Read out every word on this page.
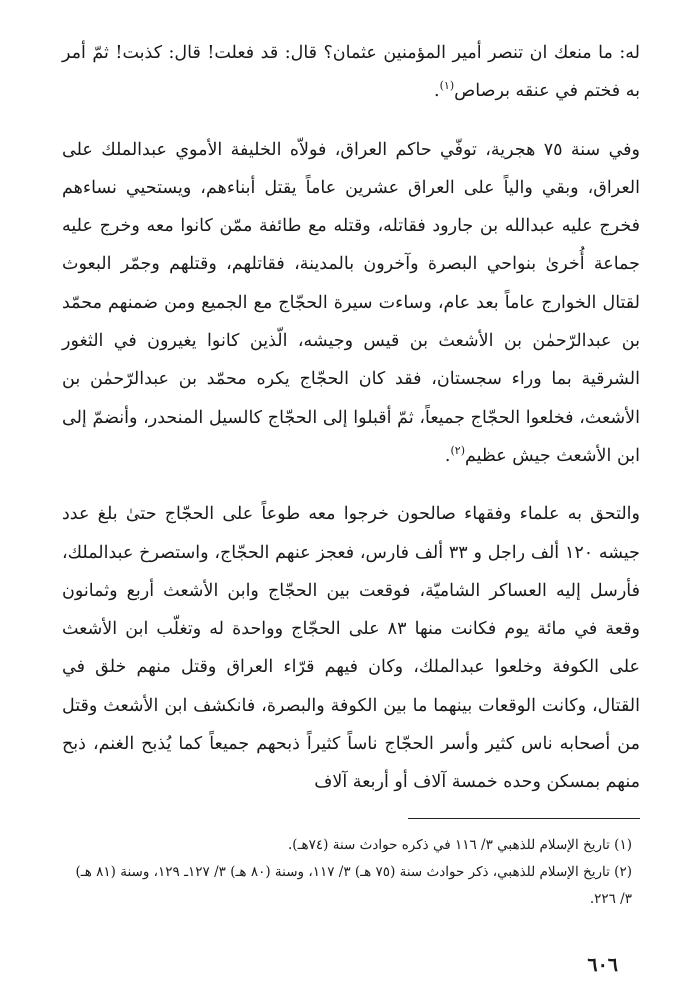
له: ما منعك ان تنصر أمير المؤمنين عثمان؟ قال: قد فعلت! قال: كذبت! ثمّ أمر به فختم في عنقه برصاص$^{(١)}$.

وفي سنة ٧٥ هجرية، توفّي حاكم العراق، فولاّه الخليفة الأموي عبدالملك على العراق، وبقي والياً على العراق عشرين عاماً يقتل أبناءهم، ويستحيي نساءهم فخرج عليه عبدالله بن جارود فقاتله، وقتله مع طائفة ممّن كانوا معه وخرج عليه جماعة أُخرىٰ بنواحي البصرة وآخرون بالمدينة، فقاتلهم، وقتلهم وجمّر البعوث لقتال الخوارج عاماً بعد عام، وساءت سيرة الحجّاج مع الجميع ومن ضمنهم محمّد بن عبدالرّحمٰن بن الأشعث بن قيس وجيشه، الّذين كانوا يغيرون في الثغور الشرقية بما وراء سجستان، فقد كان الحجّاج يكره محمّد بن عبدالرّحمٰن بن الأشعث، فخلعوا الحجّاج جميعاً، ثمّ أقبلوا إلى الحجّاج كالسيل المنحدر، وأنضمّ إلى ابن الأشعث جيش عظيم$^{(٢)}$.

والتحق به علماء وفقهاء صالحون خرجوا معه طوعاً على الحجّاج حتىٰ بلغ عدد جيشه ١٢٠ ألف راجل و ٣٣ ألف فارس، فعجز عنهم الحجّاج، واستصرخ عبدالملك، فأرسل إليه العساكر الشاميّة، فوقعت بين الحجّاج وابن الأشعث أربع وثمانون وقعة في مائة يوم فكانت منها ٨٣ على الحجّاج وواحدة له وتغلّب ابن الأشعث على الكوفة وخلعوا عبدالملك، وكان فيهم قرّاء العراق وقتل منهم خلق في القتال، وكانت الوقعات بينهما ما بين الكوفة والبصرة، فانكشف ابن الأشعث وقتل من أصحابه ناس كثير وأسر الحجّاج ناساً كثيراً ذبحهم جميعاً كما يُذبح الغنم، ذبح منهم بمسكن وحده خمسة آلاف أو أربعة آلاف

(١) تاريخ الإسلام للذهبي ٣/ ١١٦ في ذكره حوادث سنة (٧٤هـ).

(٢) تاريخ الإسلام للذهبي، ذكر حوادث سنة (٧٥ هـ) ٣/ ١١٧، وسنة (٨٠ هـ) ٣/ ١٢٧ـ ١٢٩، وسنة (٨١ هـ) ٣/ ٢٢٦.

٦٠٦
